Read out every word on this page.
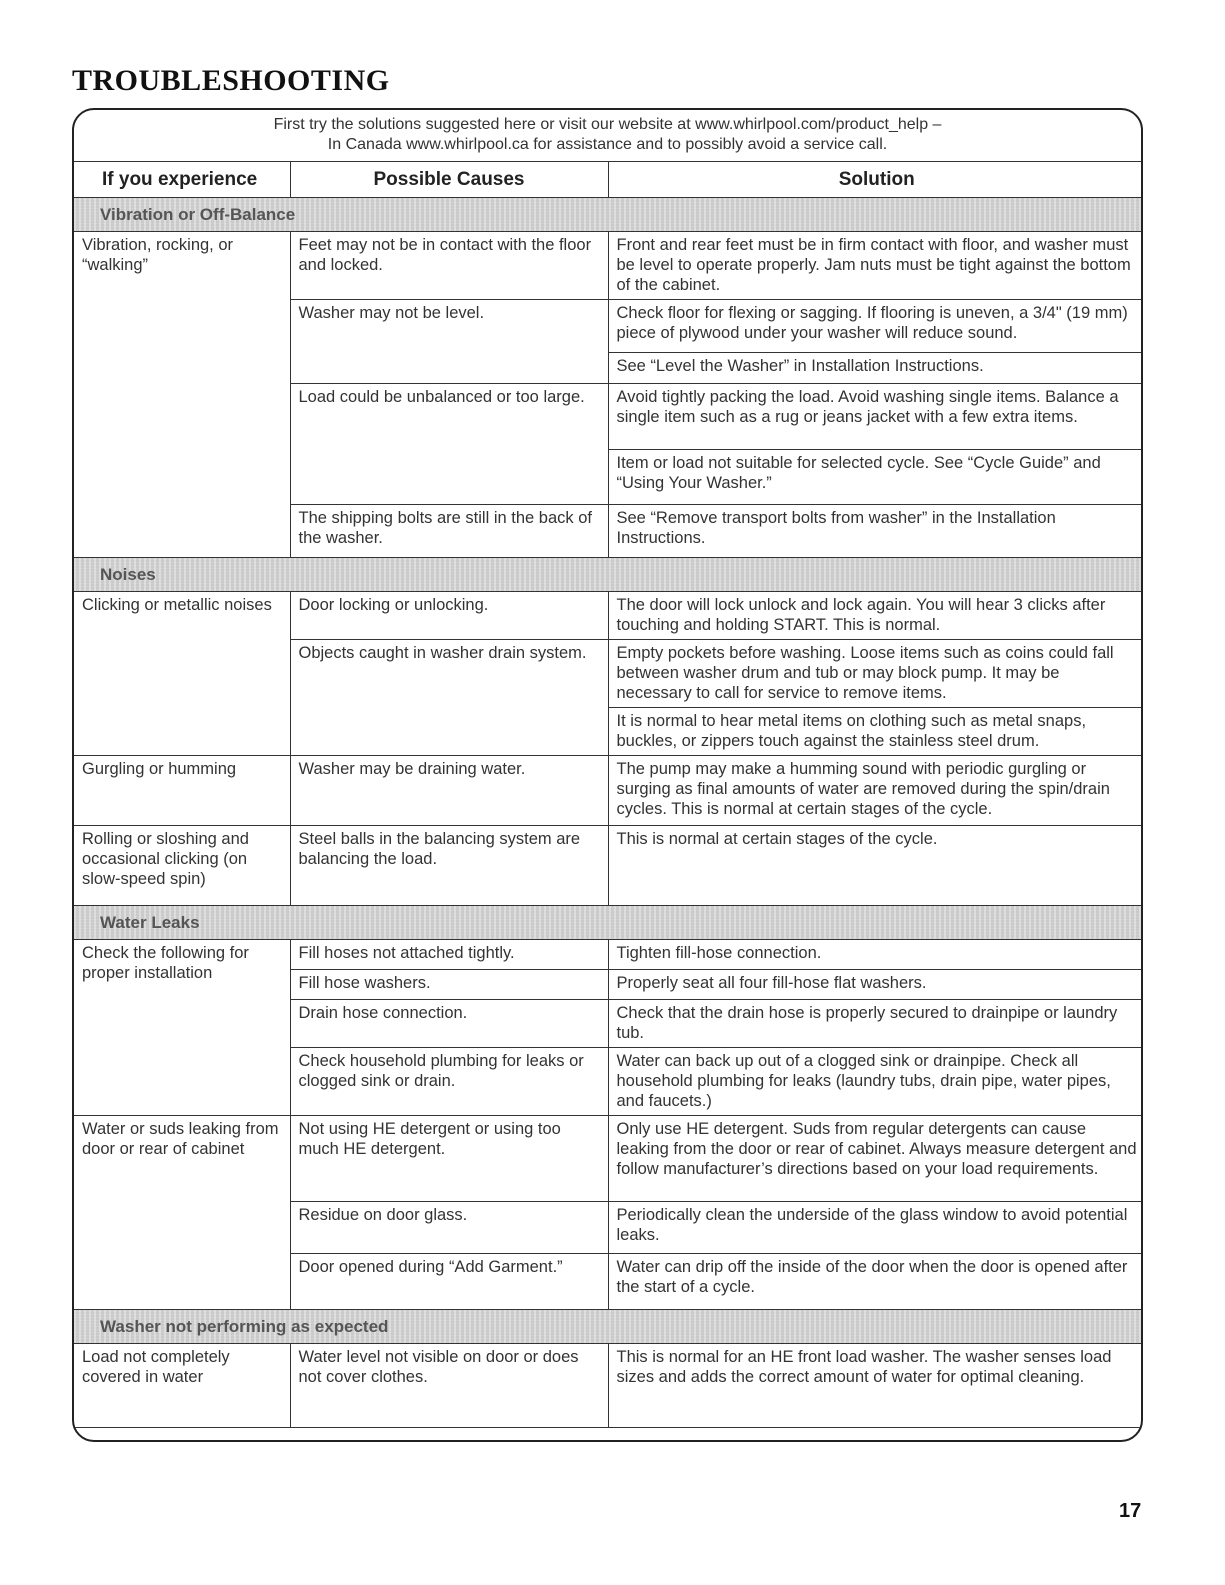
TROUBLESHOOTING
First try the solutions suggested here or visit our website at www.whirlpool.com/product_help –
In Canada www.whirlpool.ca for assistance and to possibly avoid a service call.
If you experience	Possible Causes	Solution
Vibration or Off-Balance		
Vibration, rocking, or “walking”	Feet may not be in contact with the floor and locked.	Front and rear feet must be in firm contact with floor, and washer must be level to operate properly. Jam nuts must be tight against the bottom of the cabinet.
	Washer may not be level.	Check floor for flexing or sagging. If flooring is uneven, a 3/4" (19 mm) piece of plywood under your washer will reduce sound.
		See “Level the Washer” in Installation Instructions.
	Load could be unbalanced or too large.	Avoid tightly packing the load. Avoid washing single items. Balance a single item such as a rug or jeans jacket with a few extra items.
		Item or load not suitable for selected cycle. See “Cycle Guide” and “Using Your Washer.”
	The shipping bolts are still in the back of the washer.	See “Remove transport bolts from washer” in the Installation Instructions.
Noises		
Clicking or metallic noises	Door locking or unlocking.	The door will lock unlock and lock again. You will hear 3 clicks after touching and holding START. This is normal.
	Objects caught in washer drain system.	Empty pockets before washing. Loose items such as coins could fall between washer drum and tub or may block pump. It may be necessary to call for service to remove items.
		It is normal to hear metal items on clothing such as metal snaps, buckles, or zippers touch against the stainless steel drum.
Gurgling or humming	Washer may be draining water.	The pump may make a humming sound with periodic gurgling or surging as final amounts of water are removed during the spin/drain cycles. This is normal at certain stages of the cycle.
Rolling or sloshing and occasional clicking (on slow-speed spin)	Steel balls in the balancing system are balancing the load.	This is normal at certain stages of the cycle.
Water Leaks		
Check the following for proper installation	Fill hoses not attached tightly.	Tighten fill-hose connection.
	Fill hose washers.	Properly seat all four fill-hose flat washers.
	Drain hose connection.	Check that the drain hose is properly secured to drainpipe or laundry tub.
	Check household plumbing for leaks or clogged sink or drain.	Water can back up out of a clogged sink or drainpipe. Check all household plumbing for leaks (laundry tubs, drain pipe, water pipes, and faucets.)
Water or suds leaking from door or rear of cabinet	Not using HE detergent or using too much HE detergent.	Only use HE detergent. Suds from regular detergents can cause leaking from the door or rear of cabinet. Always measure detergent and follow manufacturer’s directions based on your load requirements.
	Residue on door glass.	Periodically clean the underside of the glass window to avoid potential leaks.
	Door opened during “Add Garment.”	Water can drip off the inside of the door when the door is opened after the start of a cycle.
Washer not performing as expected		
Load not completely covered in water	Water level not visible on door or does not cover clothes.	This is normal for an HE front load washer. The washer senses load sizes and adds the correct amount of water for optimal cleaning.
17
